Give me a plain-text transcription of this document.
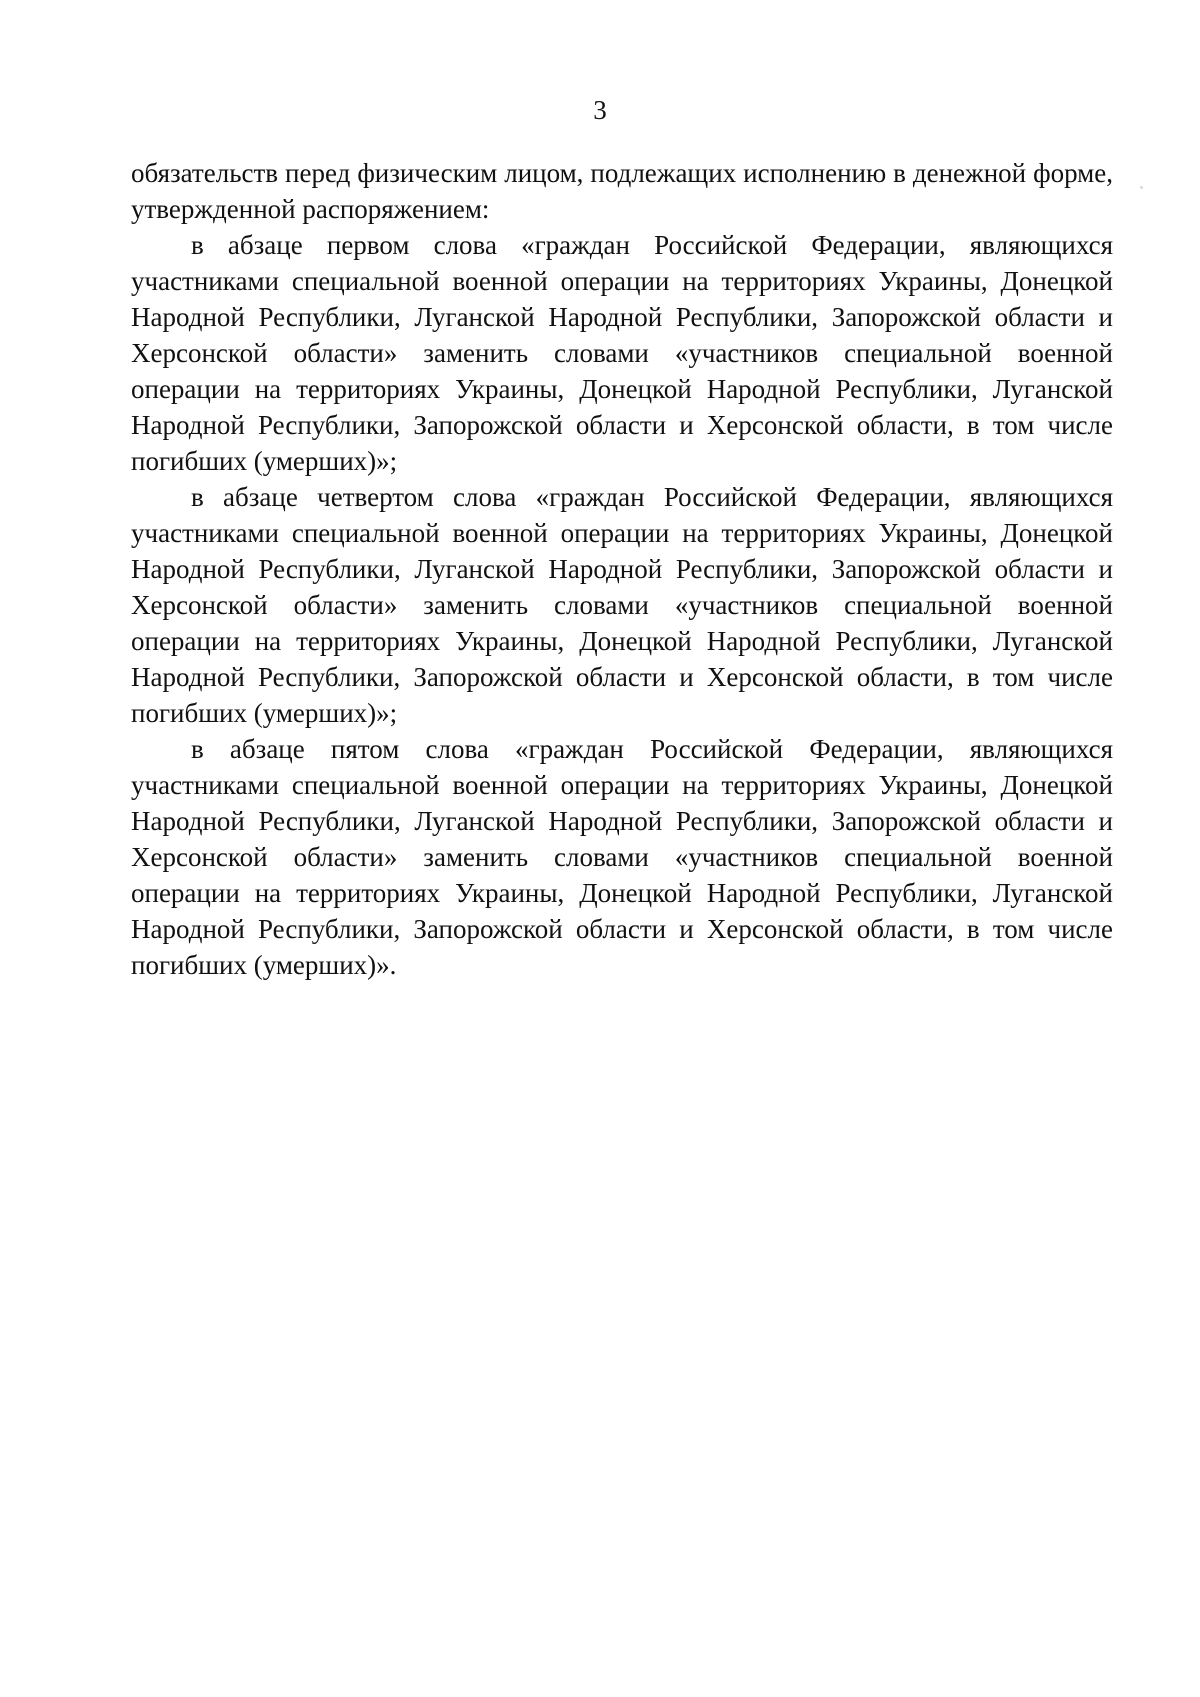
3

обязательств перед физическим лицом, подлежащих исполнению в денежной форме, утвержденной распоряжением:

в абзаце первом слова «граждан Российской Федерации, являющихся участниками специальной военной операции на территориях Украины, Донецкой Народной Республики, Луганской Народной Республики, Запорожской области и Херсонской области» заменить словами «участников специальной военной операции на территориях Украины, Донецкой Народной Республики, Луганской Народной Республики, Запорожской области и Херсонской области, в том числе погибших (умерших)»;

в абзаце четвертом слова «граждан Российской Федерации, являющихся участниками специальной военной операции на территориях Украины, Донецкой Народной Республики, Луганской Народной Республики, Запорожской области и Херсонской области» заменить словами «участников специальной военной операции на территориях Украины, Донецкой Народной Республики, Луганской Народной Республики, Запорожской области и Херсонской области, в том числе погибших (умерших)»;

в абзаце пятом слова «граждан Российской Федерации, являющихся участниками специальной военной операции на территориях Украины, Донецкой Народной Республики, Луганской Народной Республики, Запорожской области и Херсонской области» заменить словами «участников специальной военной операции на территориях Украины, Донецкой Народной Республики, Луганской Народной Республики, Запорожской области и Херсонской области, в том числе погибших (умерших)».
